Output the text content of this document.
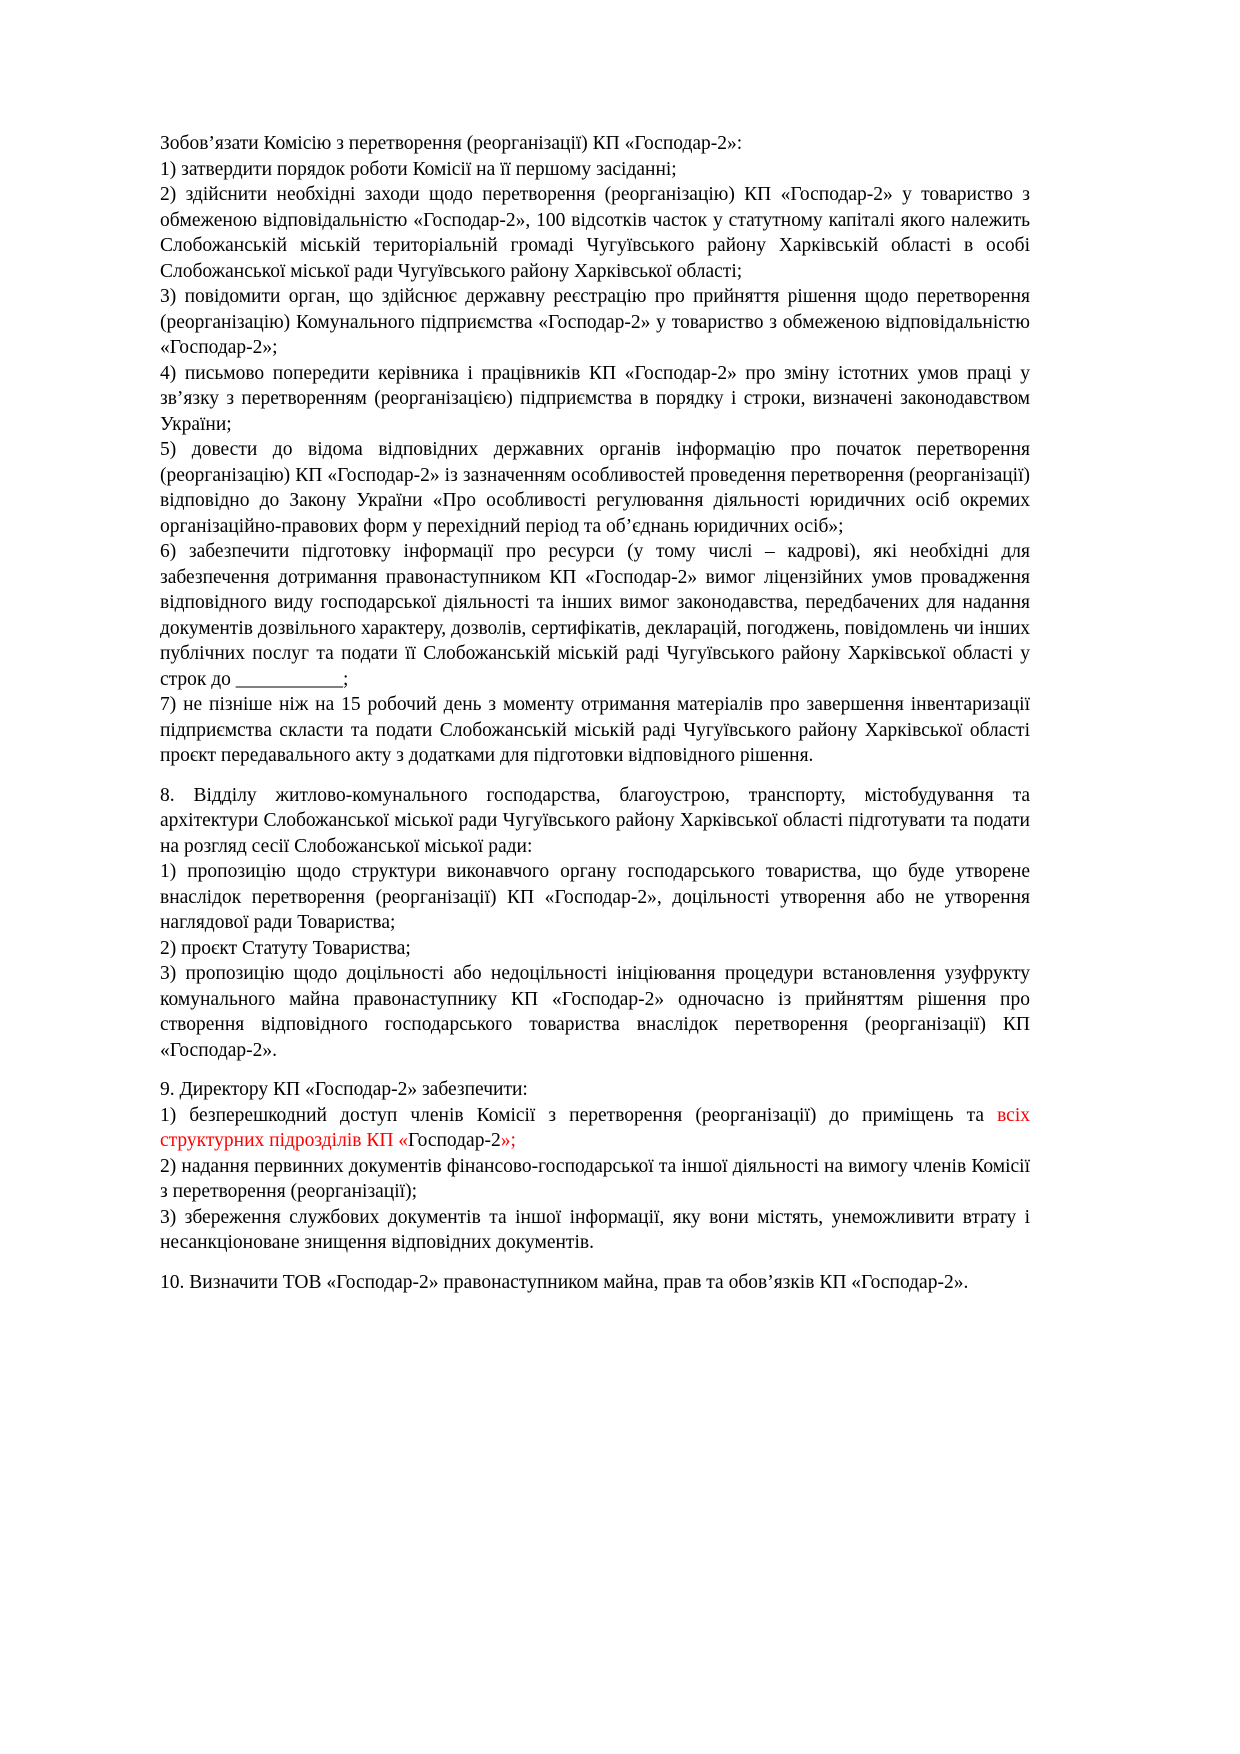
Зобов’язати Комісію з перетворення (реорганізації) КП «Господар-2»:

1) затвердити порядок роботи Комісії на її першому засіданні;

2) здійснити необхідні заходи щодо перетворення (реорганізацію) КП «Господар-2» у товариство з обмеженою відповідальністю «Господар-2», 100 відсотків часток у статутному капіталі якого належить Слобожанській міській територіальній громаді Чугуївського району Харківській області в особі Слобожанської міської ради Чугуївського району Харківської області;

3) повідомити орган, що здійснює державну реєстрацію про прийняття рішення щодо перетворення (реорганізацію) Комунального підприємства «Господар-2» у товариство з обмеженою відповідальністю «Господар-2»;

4) письмово попередити керівника і працівників КП «Господар-2» про зміну істотних умов праці у зв’язку з перетворенням (реорганізацією) підприємства в порядку і строки, визначені законодавством України;

5) довести до відома відповідних державних органів інформацію про початок перетворення (реорганізацію) КП «Господар-2» із зазначенням особливостей проведення перетворення (реорганізації) відповідно до Закону України «Про особливості регулювання діяльності юридичних осіб окремих організаційно-правових форм у перехідний період та об’єднань юридичних осіб»;

6) забезпечити підготовку інформації про ресурси (у тому числі – кадрові), які необхідні для забезпечення дотримання правонаступником КП «Господар-2» вимог ліцензійних умов провадження відповідного виду господарської діяльності та інших вимог законодавства, передбачених для надання документів дозвільного характеру, дозволів, сертифікатів, декларацій, погоджень, повідомлень чи інших публічних послуг та подати її Слобожанській міській раді Чугуївського району Харківської області у строк до ___________;

7) не пізніше ніж на 15 робочий день з моменту отримання матеріалів про завершення інвентаризації підприємства скласти та подати Слобожанській міській раді Чугуївського району Харківської області проєкт передавального акту з додатками для підготовки відповідного рішення.

8. Відділу житлово-комунального господарства, благоустрою, транспорту, містобудування та архітектури Слобожанської міської ради Чугуївського району Харківської області підготувати та подати на розгляд сесії Слобожанської міської ради:

1) пропозицію щодо структури виконавчого органу господарського товариства, що буде утворене внаслідок перетворення (реорганізації) КП «Господар-2», доцільності утворення або не утворення наглядової ради Товариства;

2) проєкт Статуту Товариства;

3) пропозицію щодо доцільності або недоцільності ініціювання процедури встановлення узуфрукту комунального майна правонаступнику КП «Господар-2» одночасно із прийняттям рішення про створення відповідного господарського товариства внаслідок перетворення (реорганізації) КП «Господар-2».

9. Директору КП «Господар-2» забезпечити:

1) безперешкодний доступ членів Комісії з перетворення (реорганізації) до приміщень та всіх структурних підрозділів КП «Господар-2»;

2) надання первинних документів фінансово-господарської та іншої діяльності на вимогу членів Комісії з перетворення (реорганізації);

3) збереження службових документів та іншої інформації, яку вони містять, унеможливити втрату і несанкціоноване знищення відповідних документів.

10. Визначити ТОВ «Господар-2» правонаступником майна, прав та обов’язків КП «Господар-2».
